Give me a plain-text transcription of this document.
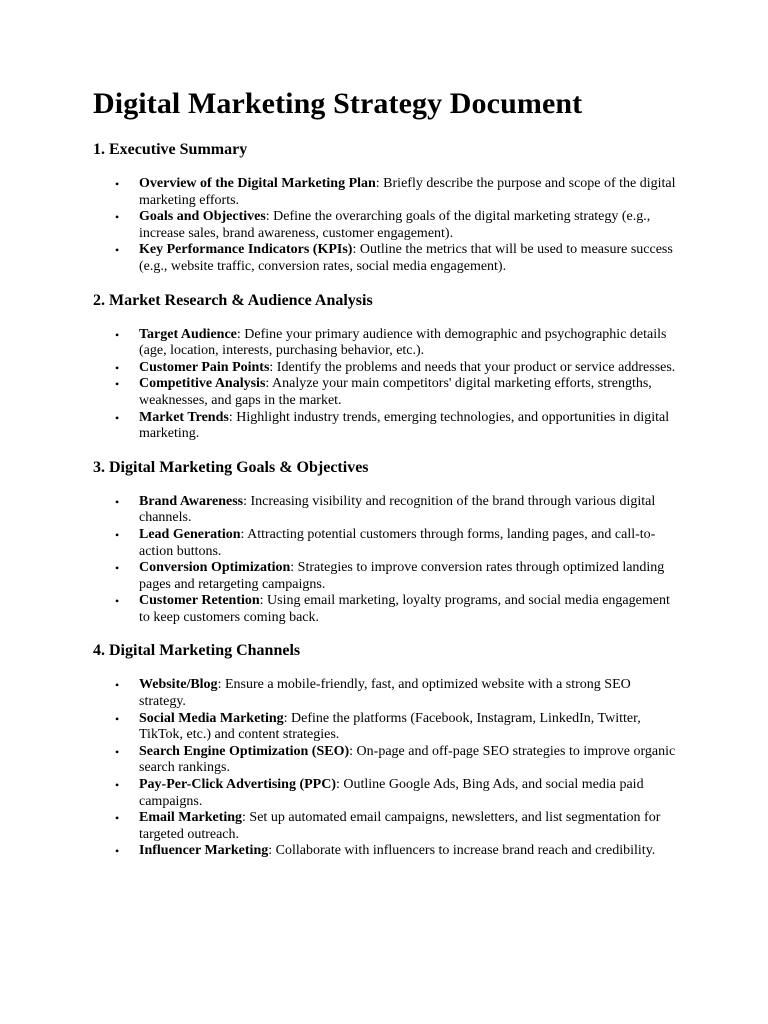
Digital Marketing Strategy Document
1. Executive Summary
• Overview of the Digital Marketing Plan: Briefly describe the purpose and scope of the digital marketing efforts.
• Goals and Objectives: Define the overarching goals of the digital marketing strategy (e.g., increase sales, brand awareness, customer engagement).
• Key Performance Indicators (KPIs): Outline the metrics that will be used to measure success (e.g., website traffic, conversion rates, social media engagement).
2. Market Research & Audience Analysis
• Target Audience: Define your primary audience with demographic and psychographic details (age, location, interests, purchasing behavior, etc.).
• Customer Pain Points: Identify the problems and needs that your product or service addresses.
• Competitive Analysis: Analyze your main competitors' digital marketing efforts, strengths, weaknesses, and gaps in the market.
• Market Trends: Highlight industry trends, emerging technologies, and opportunities in digital marketing.
3. Digital Marketing Goals & Objectives
• Brand Awareness: Increasing visibility and recognition of the brand through various digital channels.
• Lead Generation: Attracting potential customers through forms, landing pages, and call-to-action buttons.
• Conversion Optimization: Strategies to improve conversion rates through optimized landing pages and retargeting campaigns.
• Customer Retention: Using email marketing, loyalty programs, and social media engagement to keep customers coming back.
4. Digital Marketing Channels
• Website/Blog: Ensure a mobile-friendly, fast, and optimized website with a strong SEO strategy.
• Social Media Marketing: Define the platforms (Facebook, Instagram, LinkedIn, Twitter, TikTok, etc.) and content strategies.
• Search Engine Optimization (SEO): On-page and off-page SEO strategies to improve organic search rankings.
• Pay-Per-Click Advertising (PPC): Outline Google Ads, Bing Ads, and social media paid campaigns.
• Email Marketing: Set up automated email campaigns, newsletters, and list segmentation for targeted outreach.
• Influencer Marketing: Collaborate with influencers to increase brand reach and credibility.
